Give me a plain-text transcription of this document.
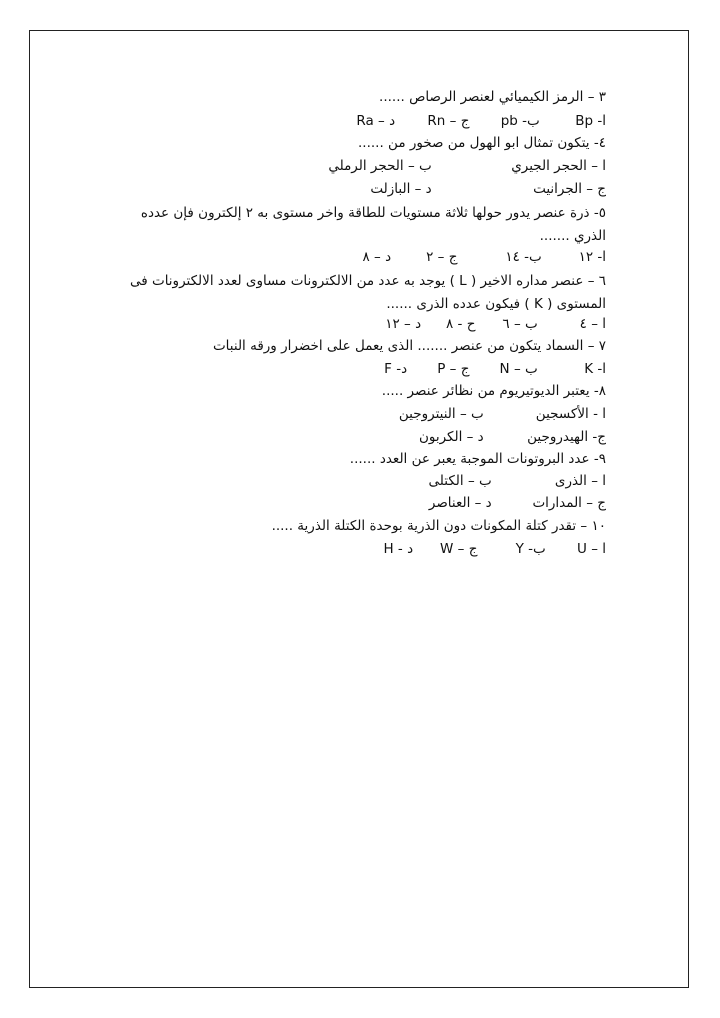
٣ – الرمز الكيميائي لعنصر الرصاص ......
ا- Bp ب- pb ج – Rn د – Ra
٤- يتكون تمثال ابو الهول من صخور من ......
ا – الحجر الجيري ب – الحجر الرملي
ج – الجرانيت د – البازلت
٥- ذرة عنصر يدور حولها ثلاثة مستويات للطاقة واخر مستوى به ٢ إلكترون فإن عدده الذري .......
ا- ١٢ ب- ١٤ ج – ٢ د – ٨
٦ – عنصر مداره الاخير ( L ) يوجد به عدد من الالكترونات مساوى لعدد الالكترونات فى المستوى ( K ) فيكون عدده الذرى ......
ا – ٤ ب – ٦ ح - ٨ د – ١٢
٧ – السماد يتكون من عنصر ....... الذى يعمل على اخضرار ورقه النبات
ا- K ب – N ج – P د- F
٨- يعتبر الديوتيريوم من نظائر عنصر .....
ا - الأكسجين ب – النيتروجين
ج- الهيدروجين د – الكربون
٩- عدد البروتونات الموجبة يعبر عن العدد ......
ا – الذرى ب – الكتلى
ج – المدارات د – العناصر
١٠ – تقدر كتلة المكونات دون الذرية بوحدة الكتلة الذرية .....
ا – U ب- Y ج – W د - H
